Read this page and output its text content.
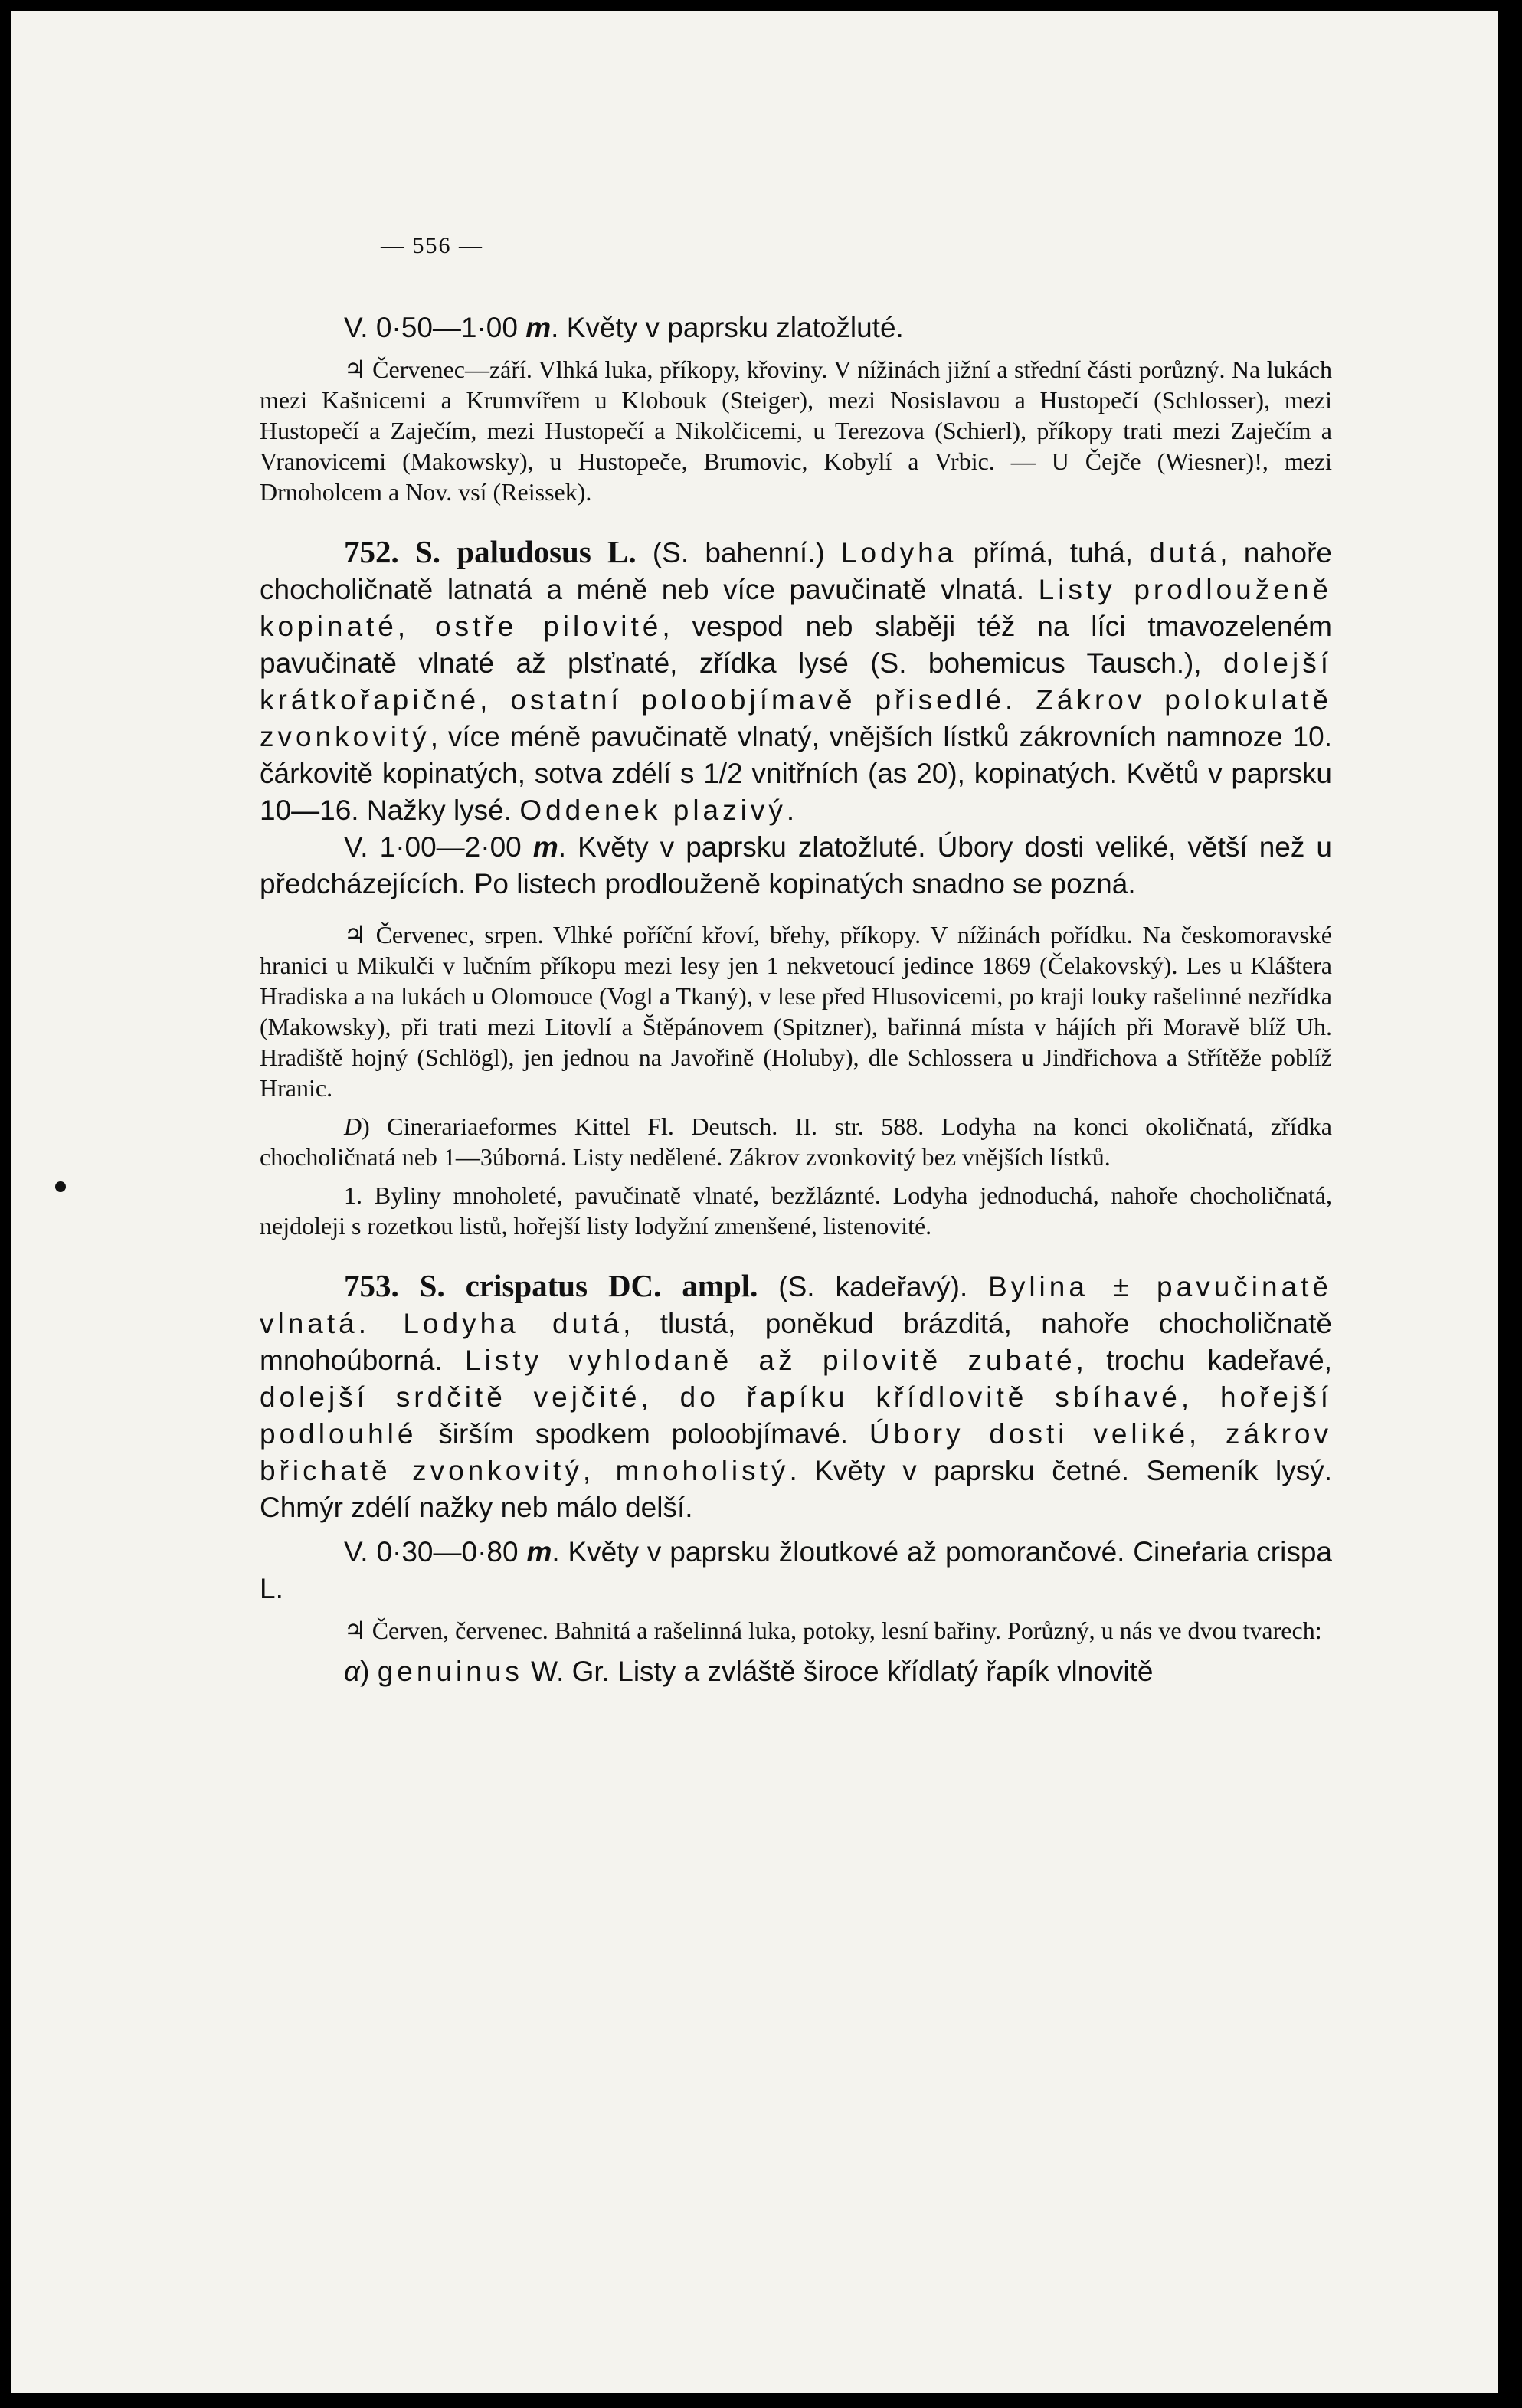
— 556 —

V. 0·50—1·00 m. Květy v paprsku zlatožluté.

♃ Červenec—září. Vlhká luka, příkopy, křoviny. V nížinách jižní a střední části porůzný. Na lukách mezi Kašnicemi a Krumvířem u Klobouk (Steiger), mezi Nosislavou a Hustopečí (Schlosser), mezi Hustopečí a Zaječím, mezi Hustopečí a Nikolčicemi, u Terezova (Schierl), příkopy trati mezi Zaječím a Vranovicemi (Makowsky), u Hustopeče, Brumovic, Kobylí a Vrbic. — U Čejče (Wiesner)!, mezi Drnoholcem a Nov. vsí (Reissek).

752. S. paludosus L. (S. bahenní.) Lodyha přímá, tuhá, dutá, nahoře chocholičnatě latnatá a méně neb více pavučinatě vlnatá. Listy prodlouženě kopinaté, ostře pilovité, vespod neb slaběji též na líci tmavozeleném pavučinatě vlnaté až plsťnaté, zřídka lysé (S. bohemicus Tausch.), dolejší krátkořapičné, ostatní poloobjímavě přisedlé. Zákrov polokulatě zvonkovitý, více méně pavučinatě vlnatý, vnějších lístků zákrovních namnoze 10. čárkovitě kopinatých, sotva zdélí s 1/2 vnitřních (as 20), kopinatých. Květů v paprsku 10—16. Nažky lysé. Oddenek plazivý.

V. 1·00—2·00 m. Květy v paprsku zlatožluté. Úbory dosti veliké, větší než u předcházejících. Po listech prodlouženě kopinatých snadno se pozná.

♃ Červenec, srpen. Vlhké poříční křoví, břehy, příkopy. V nížinách pořídku. Na českomoravské hranici u Mikulči v lučním příkopu mezi lesy jen 1 nekvetoucí jedince 1869 (Čelakovský). Les u Kláštera Hradiska a na lukách u Olomouce (Vogl a Tkaný), v lese před Hlusovicemi, po kraji louky rašelinné nezřídka (Makowsky), při trati mezi Litovlí a Štěpánovem (Spitzner), bařinná místa v hájích při Moravě blíž Uh. Hradiště hojný (Schlögl), jen jednou na Javořině (Holuby), dle Schlossera u Jindřichova a Střítěže poblíž Hranic.

D) Cinerariaeformes Kittel Fl. Deutsch. II. str. 588. Lodyha na konci okoličnatá, zřídka chocholičnatá neb 1—3úborná. Listy nedělené. Zákrov zvonkovitý bez vnějších lístků.

1. Byliny mnoholeté, pavučinatě vlnaté, bezžláznté. Lodyha jednoduchá, nahoře chocholičnatá, nejdoleji s rozetkou listů, hořejší listy lodyžní zmenšené, listenovité.

753. S. crispatus DC. ampl. (S. kadeřavý). Bylina ± pavučinatě vlnatá. Lodyha dutá, tlustá, poněkud brázditá, nahoře chocholičnatě mnohoúborná. Listy vyhlodaně až pilovitě zubaté, trochu kadeřavé, dolejší srdčitě vejčité, do řapíku křídlovitě sbíhavé, hořejší podlouhlé širším spodkem poloobjímavé. Úbory dosti veliké, zákrov břichatě zvonkovitý, mnoholistý. Květy v paprsku četné. Semeník lysý. Chmýr zdélí nažky neb málo delší.

V. 0·30—0·80 m. Květy v paprsku žloutkové až pomorančové. Cineraria crispa L.

♃ Červen, červenec. Bahnitá a rašelinná luka, potoky, lesní bařiny. Porůzný, u nás ve dvou tvarech:

α) genuinus W. Gr. Listy a zvláště široce křídlatý řapík vlnovitě
